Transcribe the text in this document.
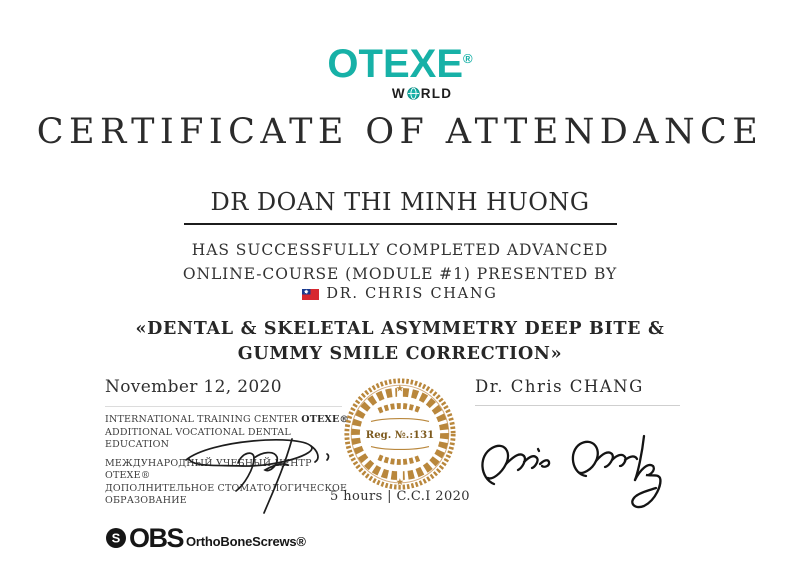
OTEXE®
W RLD
CERTIFICATE OF ATTENDANCE
DR DOAN THI MINH HUONG
HAS SUCCESSFULLY COMPLETED ADVANCED
ONLINE-COURSE (MODULE #1) PRESENTED BY
DR. CHRIS CHANG
«DENTAL & SKELETAL ASYMMETRY DEEP BITE &
GUMMY SMILE CORRECTION»
November 12, 2020
INTERNATIONAL TRAINING CENTER OTEXE®
ADDITIONAL VOCATIONAL DENTAL EDUCATION
МЕЖДУНАРОДНЫЙ УЧЕБНЫЙ ЦЕНТР OTEXE®
ДОПОЛНИТЕЛЬНОЕ СТОМАТОЛОГИЧЕСКОЕ
ОБРАЗОВАНИЕ
S OBS OrthoBoneScrews®
★
★
Reg. №.:131
5 hours | C.C.I 2020
Dr. Chris CHANG
